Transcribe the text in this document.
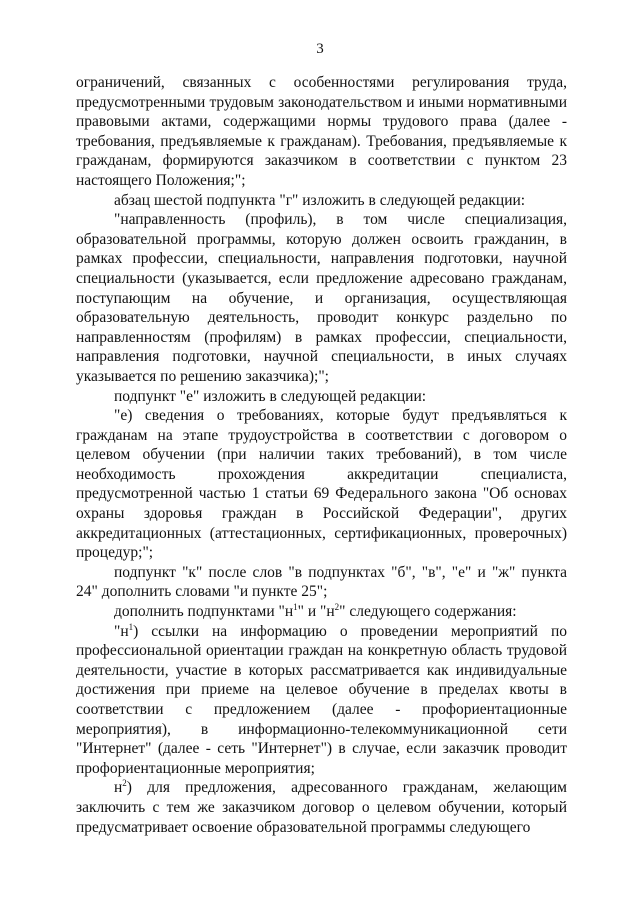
3

ограничений, связанных с особенностями регулирования труда, предусмотренными трудовым законодательством и иными нормативными правовыми актами, содержащими нормы трудового права (далее - требования, предъявляемые к гражданам). Требования, предъявляемые к гражданам, формируются заказчиком в соответствии с пунктом 23 настоящего Положения;";

абзац шестой подпункта "г" изложить в следующей редакции:

"направленность (профиль), в том числе специализация, образовательной программы, которую должен освоить гражданин, в рамках профессии, специальности, направления подготовки, научной специальности (указывается, если предложение адресовано гражданам, поступающим на обучение, и организация, осуществляющая образовательную деятельность, проводит конкурс раздельно по направленностям (профилям) в рамках профессии, специальности, направления подготовки, научной специальности, в иных случаях указывается по решению заказчика);";

подпункт "е" изложить в следующей редакции:

"е) сведения о требованиях, которые будут предъявляться к гражданам на этапе трудоустройства в соответствии с договором о целевом обучении (при наличии таких требований), в том числе необходимость прохождения аккредитации специалиста, предусмотренной частью 1 статьи 69 Федерального закона "Об основах охраны здоровья граждан в Российской Федерации", других аккредитационных (аттестационных, сертификационных, проверочных) процедур;";

подпункт "к" после слов "в подпунктах "б", "в", "е" и "ж" пункта 24" дополнить словами "и пункте 25";

дополнить подпунктами "$н^1$" и "$н^2$" следующего содержания:

"$н^1$) ссылки на информацию о проведении мероприятий по профессиональной ориентации граждан на конкретную область трудовой деятельности, участие в которых рассматривается как индивидуальные достижения при приеме на целевое обучение в пределах квоты в соответствии с предложением (далее - профориентационные мероприятия), в информационно-телекоммуникационной сети "Интернет" (далее - сеть "Интернет") в случае, если заказчик проводит профориентационные мероприятия;

$н^2$) для предложения, адресованного гражданам, желающим заключить с тем же заказчиком договор о целевом обучении, который предусматривает освоение образовательной программы следующего
